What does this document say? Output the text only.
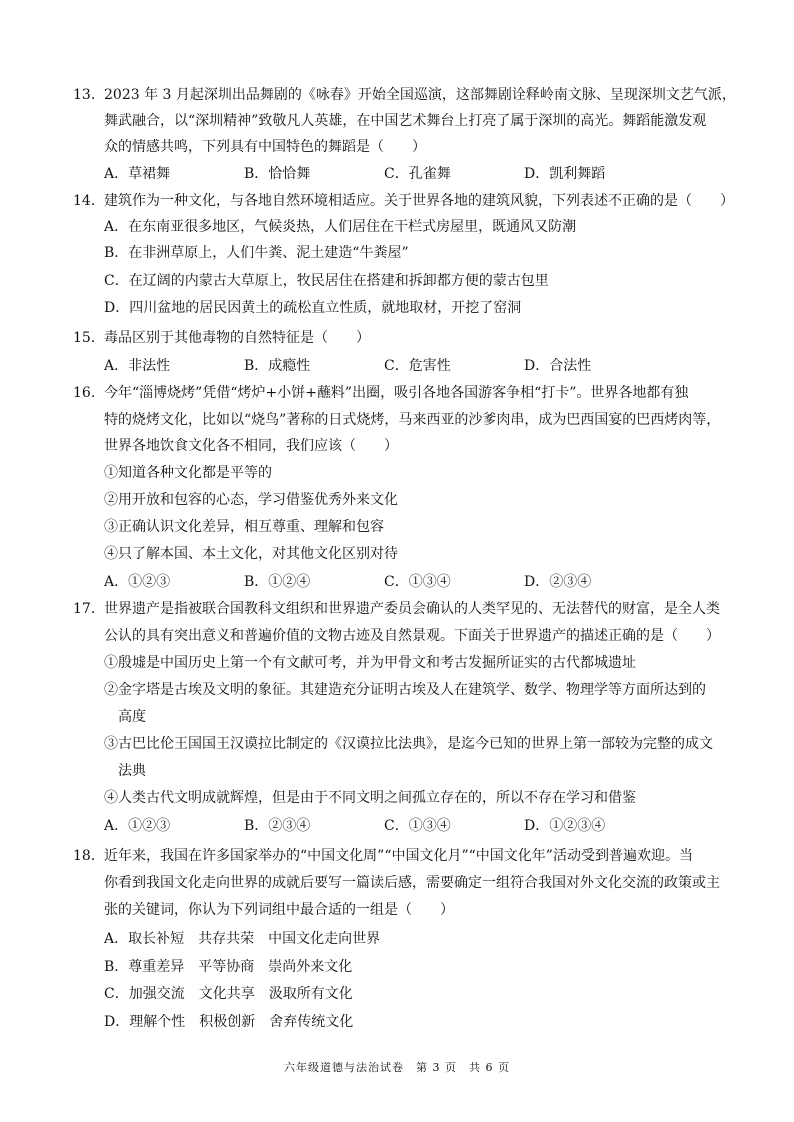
13． 2023 年 3 月起深圳出品舞剧的《咏春》开始全国巡演，这部舞剧诠释岭南文脉、呈现深圳文艺气派，
舞武融合，以“深圳精神”致敬凡人英雄，在中国艺术舞台上打亮了属于深圳的高光。舞蹈能激发观
众的情感共鸣，下列具有中国特色的舞蹈是（　　）
A．草裙舞	B．恰恰舞	C．孔雀舞	D．凯利舞蹈
14． 建筑作为一种文化，与各地自然环境相适应。关于世界各地的建筑风貌，下列表述不正确的是（　　）
A．在东南亚很多地区，气候炎热，人们居住在干栏式房屋里，既通风又防潮
B．在非洲草原上，人们牛粪、泥土建造“牛粪屋”
C．在辽阔的内蒙古大草原上，牧民居住在搭建和拆卸都方便的蒙古包里
D．四川盆地的居民因黄土的疏松直立性质，就地取材，开挖了窑洞
15． 毒品区别于其他毒物的自然特征是（　　）
A．非法性	B．成瘾性	C．危害性	D．合法性
16． 今年“淄博烧烤”凭借“烤炉+小饼+蘸料”出圈，吸引各地各国游客争相“打卡”。世界各地都有独
特的烧烤文化，比如以“烧鸟”著称的日式烧烤，马来西亚的沙爹肉串，成为巴西国宴的巴西烤肉等，
世界各地饮食文化各不相同，我们应该（　　）
①知道各种文化都是平等的
②用开放和包容的心态，学习借鉴优秀外来文化
③正确认识文化差异，相互尊重、理解和包容
④只了解本国、本土文化，对其他文化区别对待
A．①②③	B．①②④	C．①③④	D．②③④
17． 世界遗产是指被联合国教科文组织和世界遗产委员会确认的人类罕见的、无法替代的财富，是全人类
公认的具有突出意义和普遍价值的文物古迹及自然景观。下面关于世界遗产的描述正确的是（　　）
①殷墟是中国历史上第一个有文献可考，并为甲骨文和考古发掘所证实的古代都城遗址
②金字塔是古埃及文明的象征。其建造充分证明古埃及人在建筑学、数学、物理学等方面所达到的
高度
③古巴比伦王国国王汉谟拉比制定的《汉谟拉比法典》，是迄今已知的世界上第一部较为完整的成文
法典
④人类古代文明成就辉煌，但是由于不同文明之间孤立存在的，所以不存在学习和借鉴
A．①②③	B．②③④	C．①③④	D．①②③④
18． 近年来，我国在许多国家举办的“中国文化周”“中国文化月”“中国文化年”活动受到普遍欢迎。当
你看到我国文化走向世界的成就后要写一篇读后感，需要确定一组符合我国对外文化交流的政策或主
张的关键词，你认为下列词组中最合适的一组是（　　）
A．取长补短　共存共荣　中国文化走向世界
B．尊重差异　平等协商　崇尚外来文化
C．加强交流　文化共享　汲取所有文化
D．理解个性　积极创新　舍弃传统文化
六年级道德与法治试卷　第 3 页　共 6 页
